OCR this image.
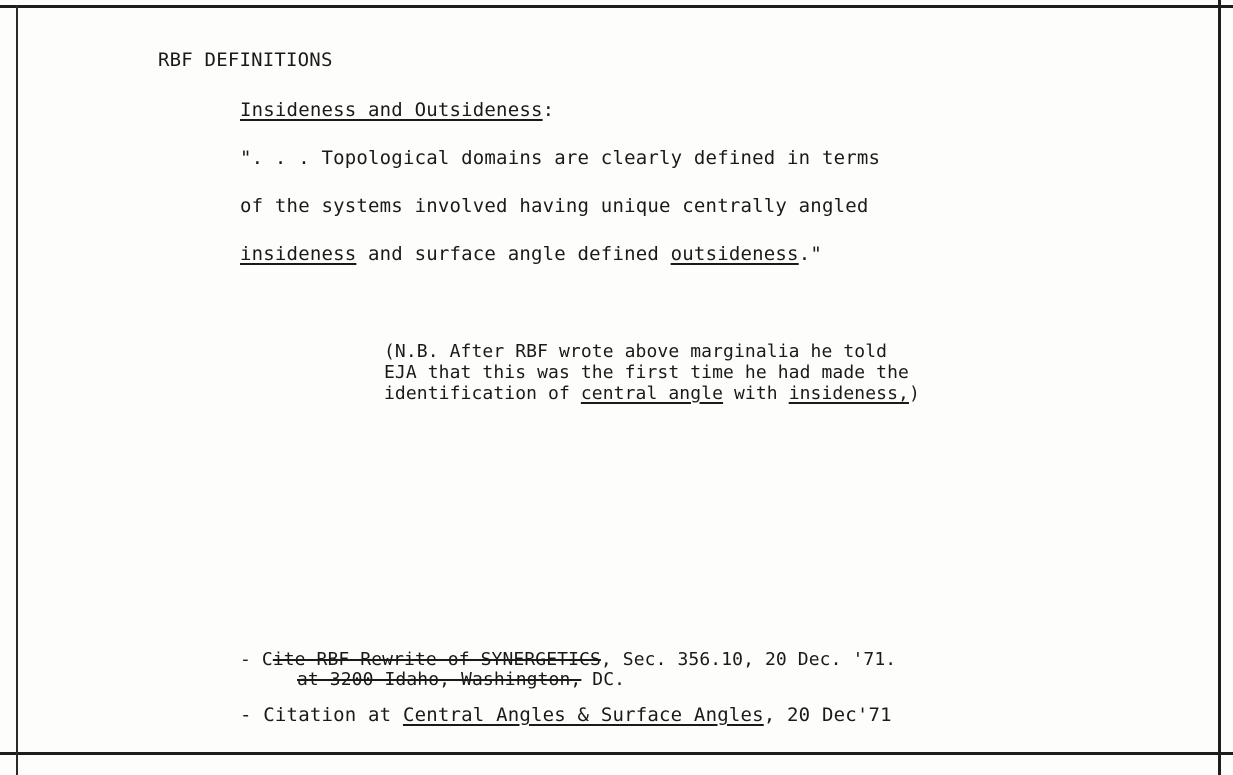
RBF DEFINITIONS
Insideness and Outsideness:
". . . Topological domains are clearly defined in terms
of the systems involved having unique centrally angled
insideness and surface angle defined outsideness."
(N.B. After RBF wrote above marginalia he told
EJA that this was the first time he had made the
identification of central angle with insideness,)
- Cite RBF Rewrite of SYNERGETICS, Sec. 356.10, 20 Dec. '71.
at 3200 Idaho, Washington, DC.
- Citation at Central Angles & Surface Angles, 20 Dec'71
